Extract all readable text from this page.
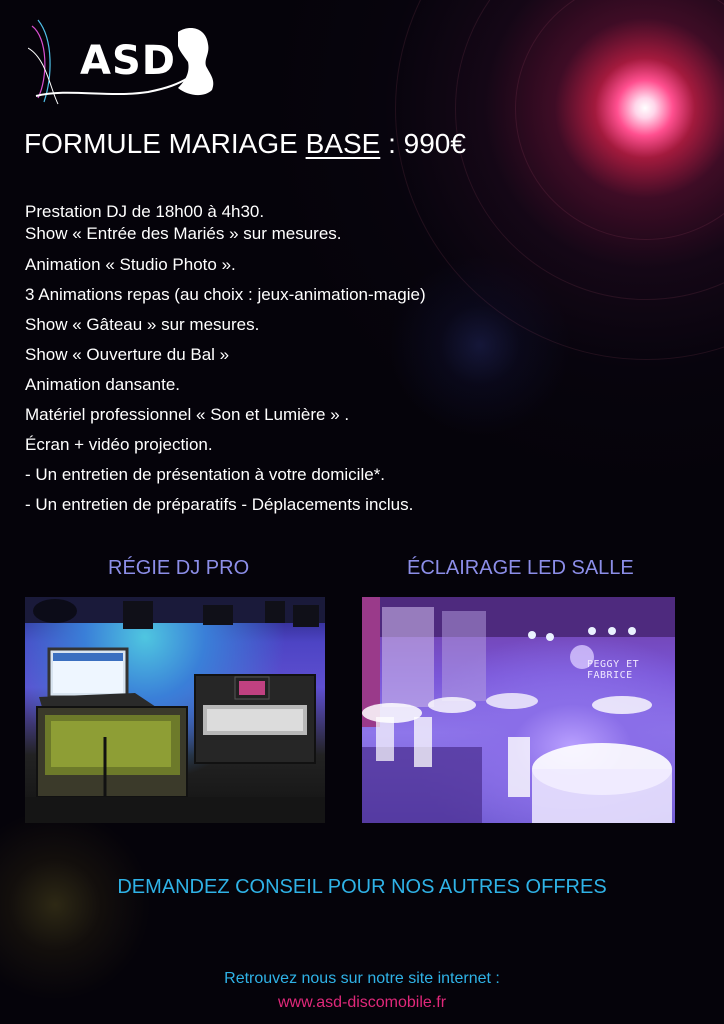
ASD
FORMULE MARIAGE BASE : 990€
Prestation DJ de 18h00 à 4h30.
Show « Entrée des Mariés » sur mesures.
Animation « Studio Photo ».
3 Animations repas (au choix : jeux-animation-magie)
Show « Gâteau » sur mesures.
Show « Ouverture du Bal »
Animation dansante.
Matériel professionnel « Son et Lumière » .
Écran + vidéo projection.
- Un entretien de présentation à votre domicile*.
- Un entretien de préparatifs - Déplacements inclus.
RÉGIE DJ PRO	ÉCLAIRAGE LED SALLE
PEGGY ET FABRICE
DEMANDEZ CONSEIL POUR NOS AUTRES OFFRES
Retrouvez nous sur notre site internet :
www.asd-discomobile.fr
